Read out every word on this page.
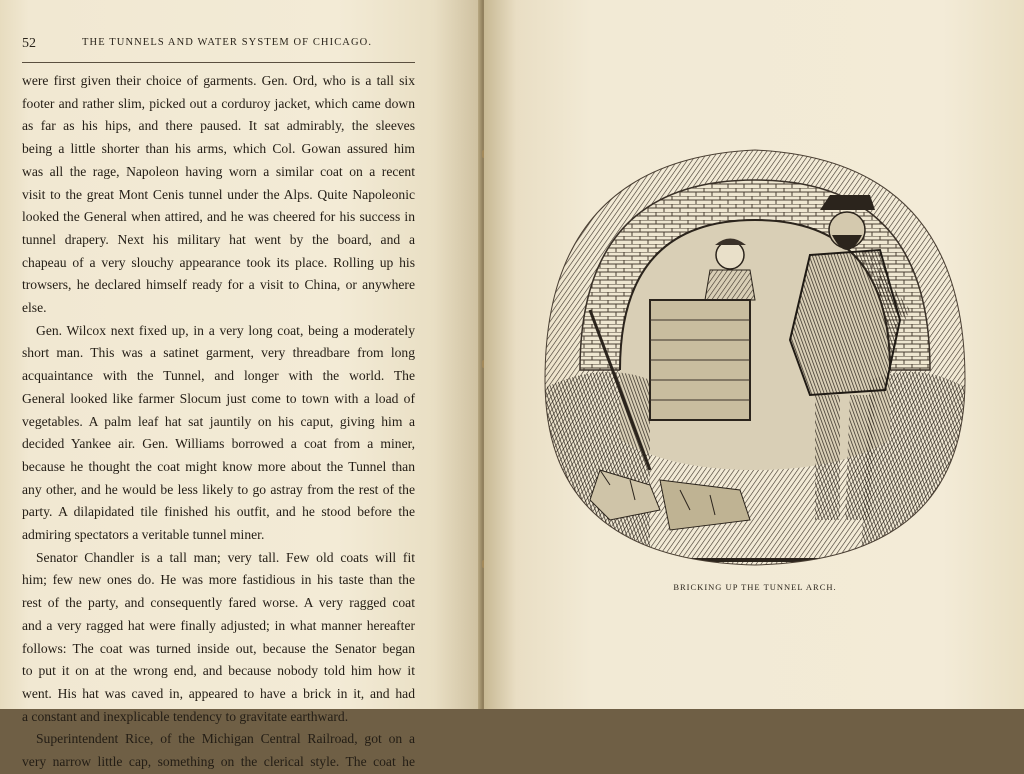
52	THE TUNNELS AND WATER SYSTEM OF CHICAGO.
were first given their choice of garments. Gen. Ord, who is a tall six
footer and rather slim, picked out a corduroy jacket, which came down
as far as his hips, and there paused. It sat admirably, the sleeves
being a little shorter than his arms, which Col. Gowan assured him
was all the rage, Napoleon having worn a similar coat on a recent
visit to the great Mont Cenis tunnel under the Alps. Quite Napoleonic
looked the General when attired, and he was cheered for his success in
tunnel drapery. Next his military hat went by the board, and a
chapeau of a very slouchy appearance took its place. Rolling up his
trowsers, he declared himself ready for a visit to China, or anywhere
else.
Gen. Wilcox next fixed up, in a very long coat, being a moderately
short man. This was a satinet garment, very threadbare from long
acquaintance with the Tunnel, and longer with the world. The
General looked like farmer Slocum just come to town with a load of
vegetables. A palm leaf hat sat jauntily on his caput, giving him a
decided Yankee air. Gen. Williams borrowed a coat from a miner,
because he thought the coat might know more about the Tunnel than
any other, and he would be less likely to go astray from the rest of the
party. A dilapidated tile finished his outfit, and he stood before the
admiring spectators a veritable tunnel miner.
Senator Chandler is a tall man; very tall. Few old coats will fit
him; few new ones do. He was more fastidious in his taste than the
rest of the party, and consequently fared worse. A very ragged coat
and a very ragged hat were finally adjusted; in what manner hereafter
follows: The coat was turned inside out, because the Senator began
to put it on at the wrong end, and because nobody told him how it
went. His hat was caved in, appeared to have a brick in it, and had
a constant and inexplicable tendency to gravitate earthward.
Superintendent Rice, of the Michigan Central Railroad, got on a
very narrow little cap, something on the clerical style. The coat he
BRICKING UP THE TUNNEL ARCH.
